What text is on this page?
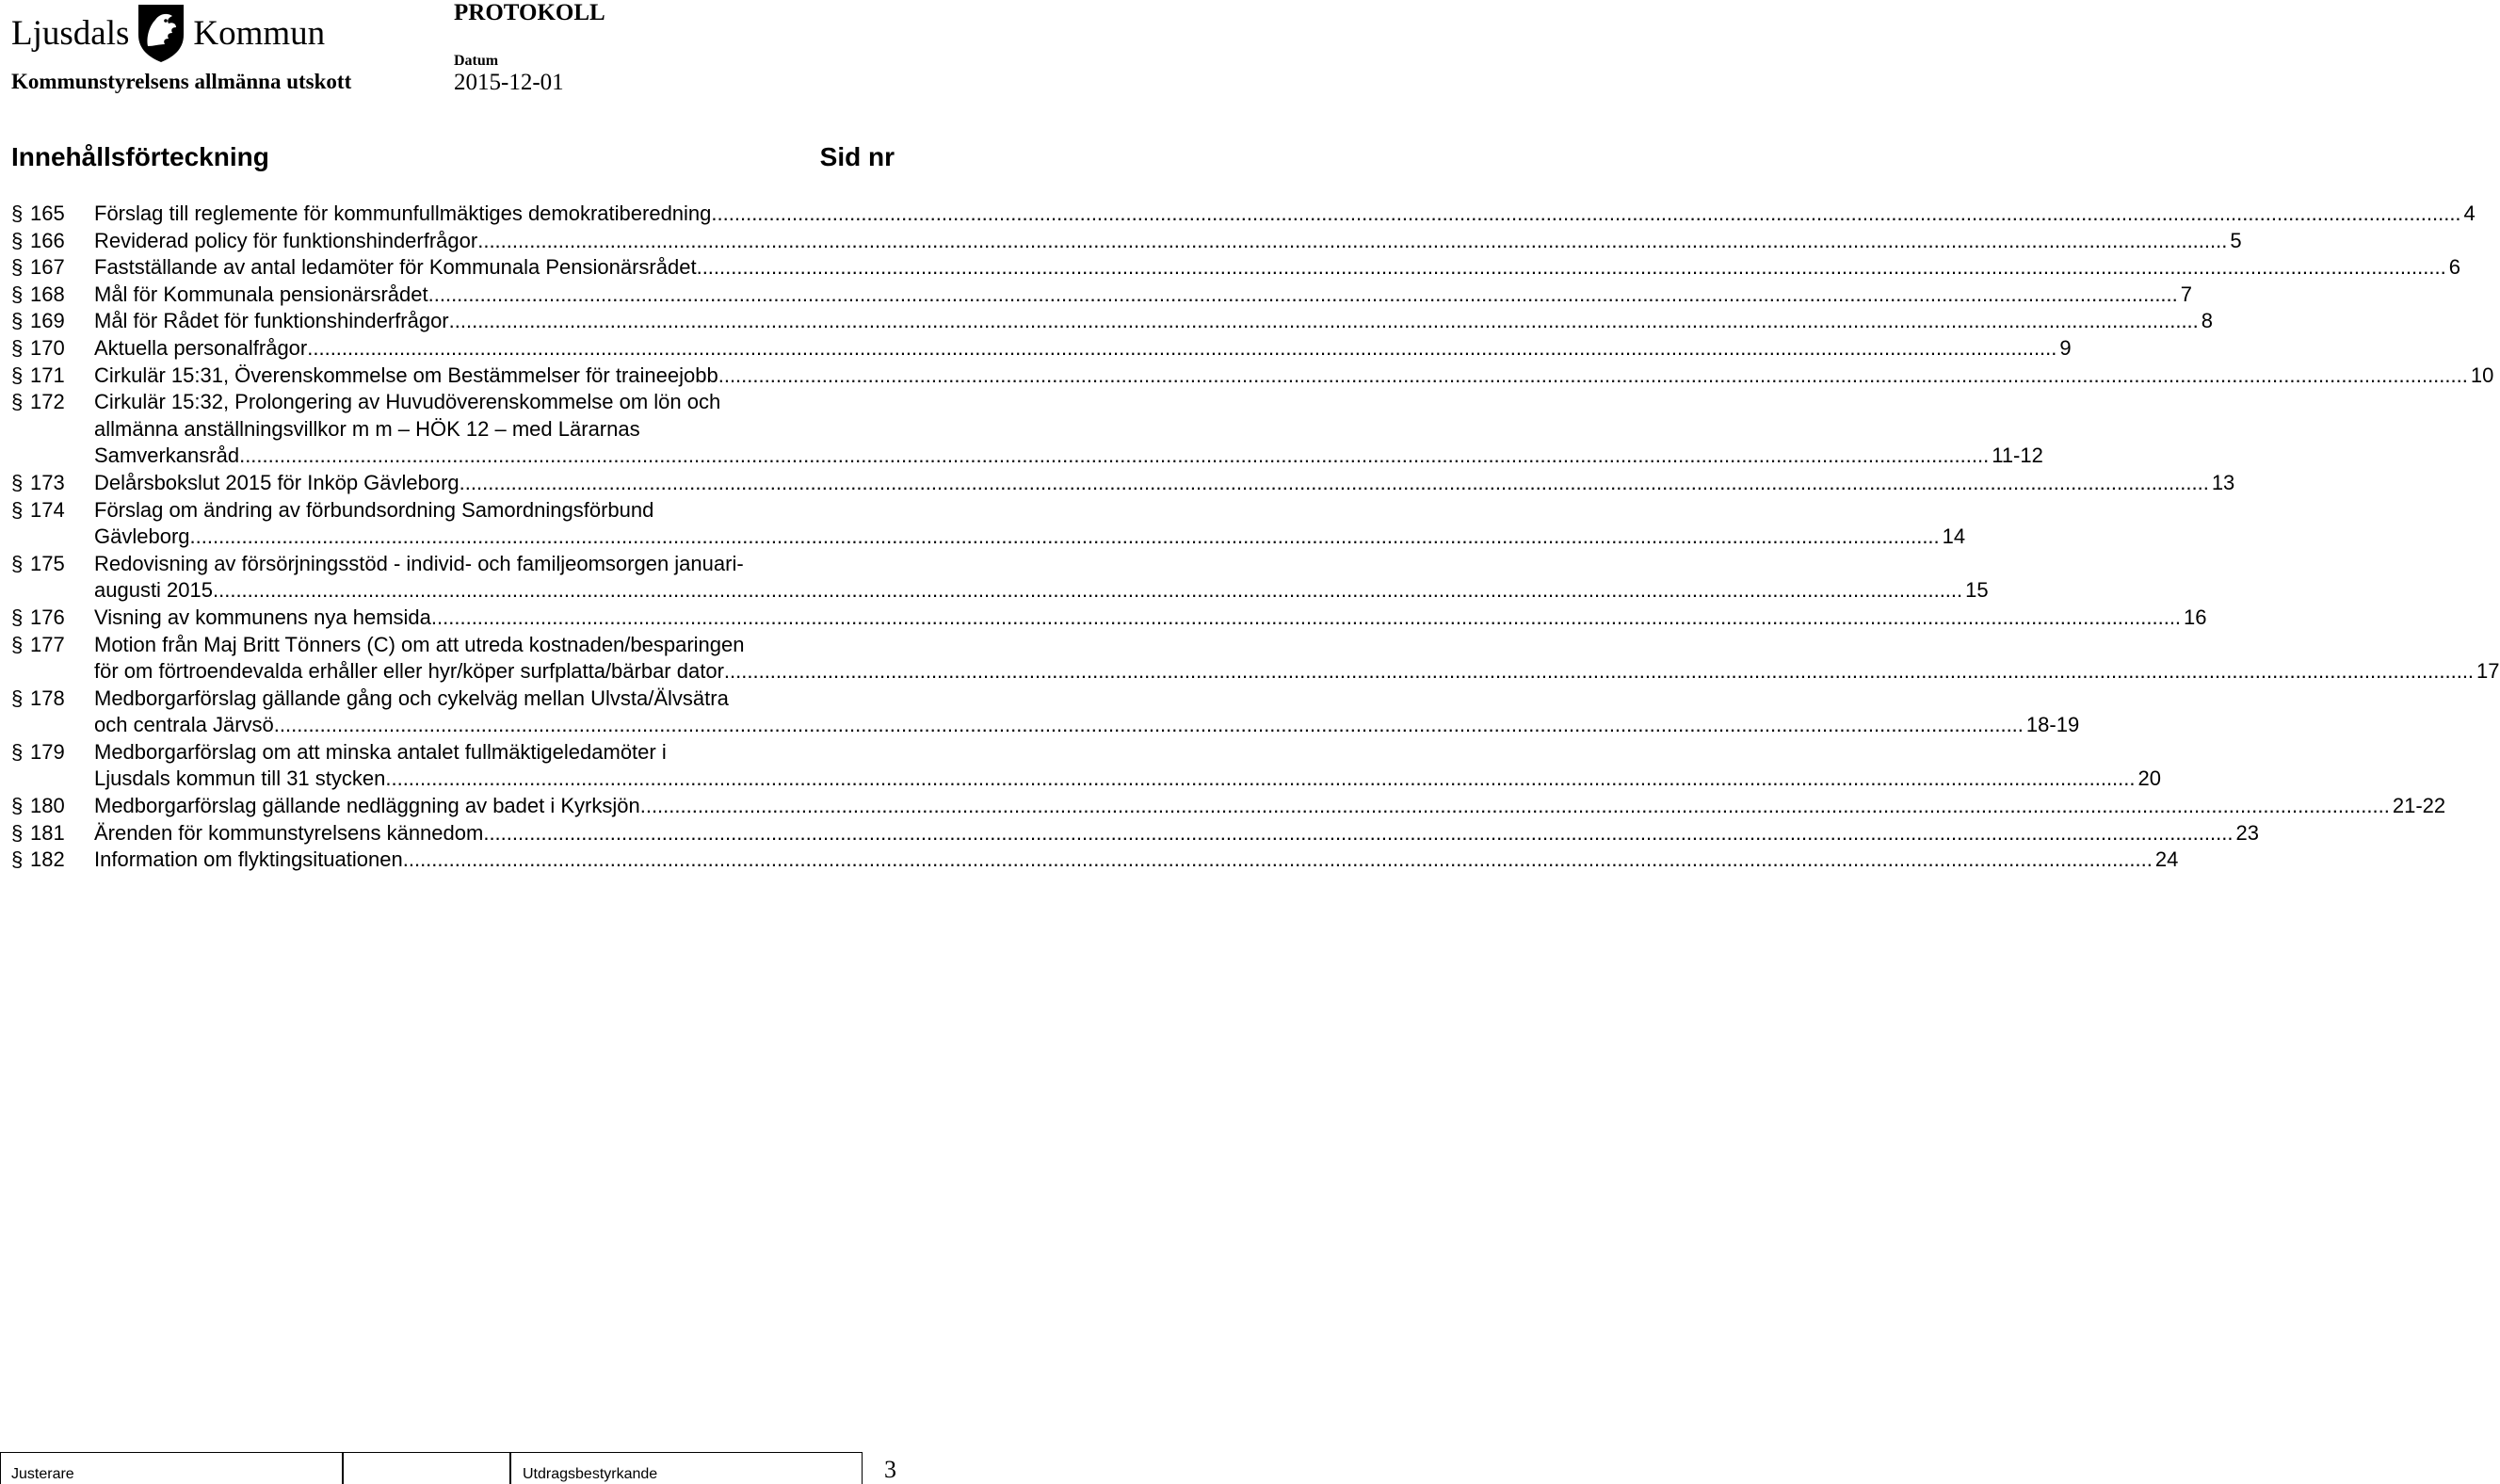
Ljusdals Kommun
PROTOKOLL
Datum
Kommunstyrelsens allmänna utskott	2015-12-01
Innehållsförteckning	Sid nr
§ 165	Förslag till reglemente för kommunfullmäktiges demokratiberedning .....	4
§ 166	Reviderad policy för funktionshinderfrågor .....	5
§ 167	Fastställande av antal ledamöter för Kommunala Pensionärsrådet .....	6
§ 168	Mål för Kommunala pensionärsrådet .....	7
§ 169	Mål för Rådet för funktionshinderfrågor .....	8
§ 170	Aktuella personalfrågor .....	9
§ 171	Cirkulär 15:31, Överenskommelse om Bestämmelser för traineejobb .....	10
§ 172	Cirkulär 15:32, Prolongering av Huvudöverenskommelse om lön och
allmänna anställningsvillkor m m – HÖK 12 – med Lärarnas
Samverkansråd .....	11-12
§ 173	Delårsbokslut 2015 för Inköp Gävleborg .....	13
§ 174	Förslag om ändring av förbundsordning Samordningsförbund
Gävleborg .....	14
§ 175	Redovisning av försörjningsstöd - individ- och familjeomsorgen januari-
augusti 2015 .....	15
§ 176	Visning av kommunens nya hemsida .....	16
§ 177	Motion från Maj Britt Tönners (C) om att utreda kostnaden/besparingen
för om förtroendevalda erhåller eller hyr/köper surfplatta/bärbar dator .....	17
§ 178	Medborgarförslag gällande gång och cykelväg mellan Ulvsta/Älvsätra
och centrala Järvsö .....	18-19
§ 179	Medborgarförslag om att minska antalet fullmäktigeledamöter i
Ljusdals kommun till 31 stycken .....	20
§ 180	Medborgarförslag gällande nedläggning av badet i Kyrksjön .....	21-22
§ 181	Ärenden för kommunstyrelsens kännedom .....	23
§ 182	Information om flyktingsituationen .....	24
Justerare	Utdragsbestyrkande	3
